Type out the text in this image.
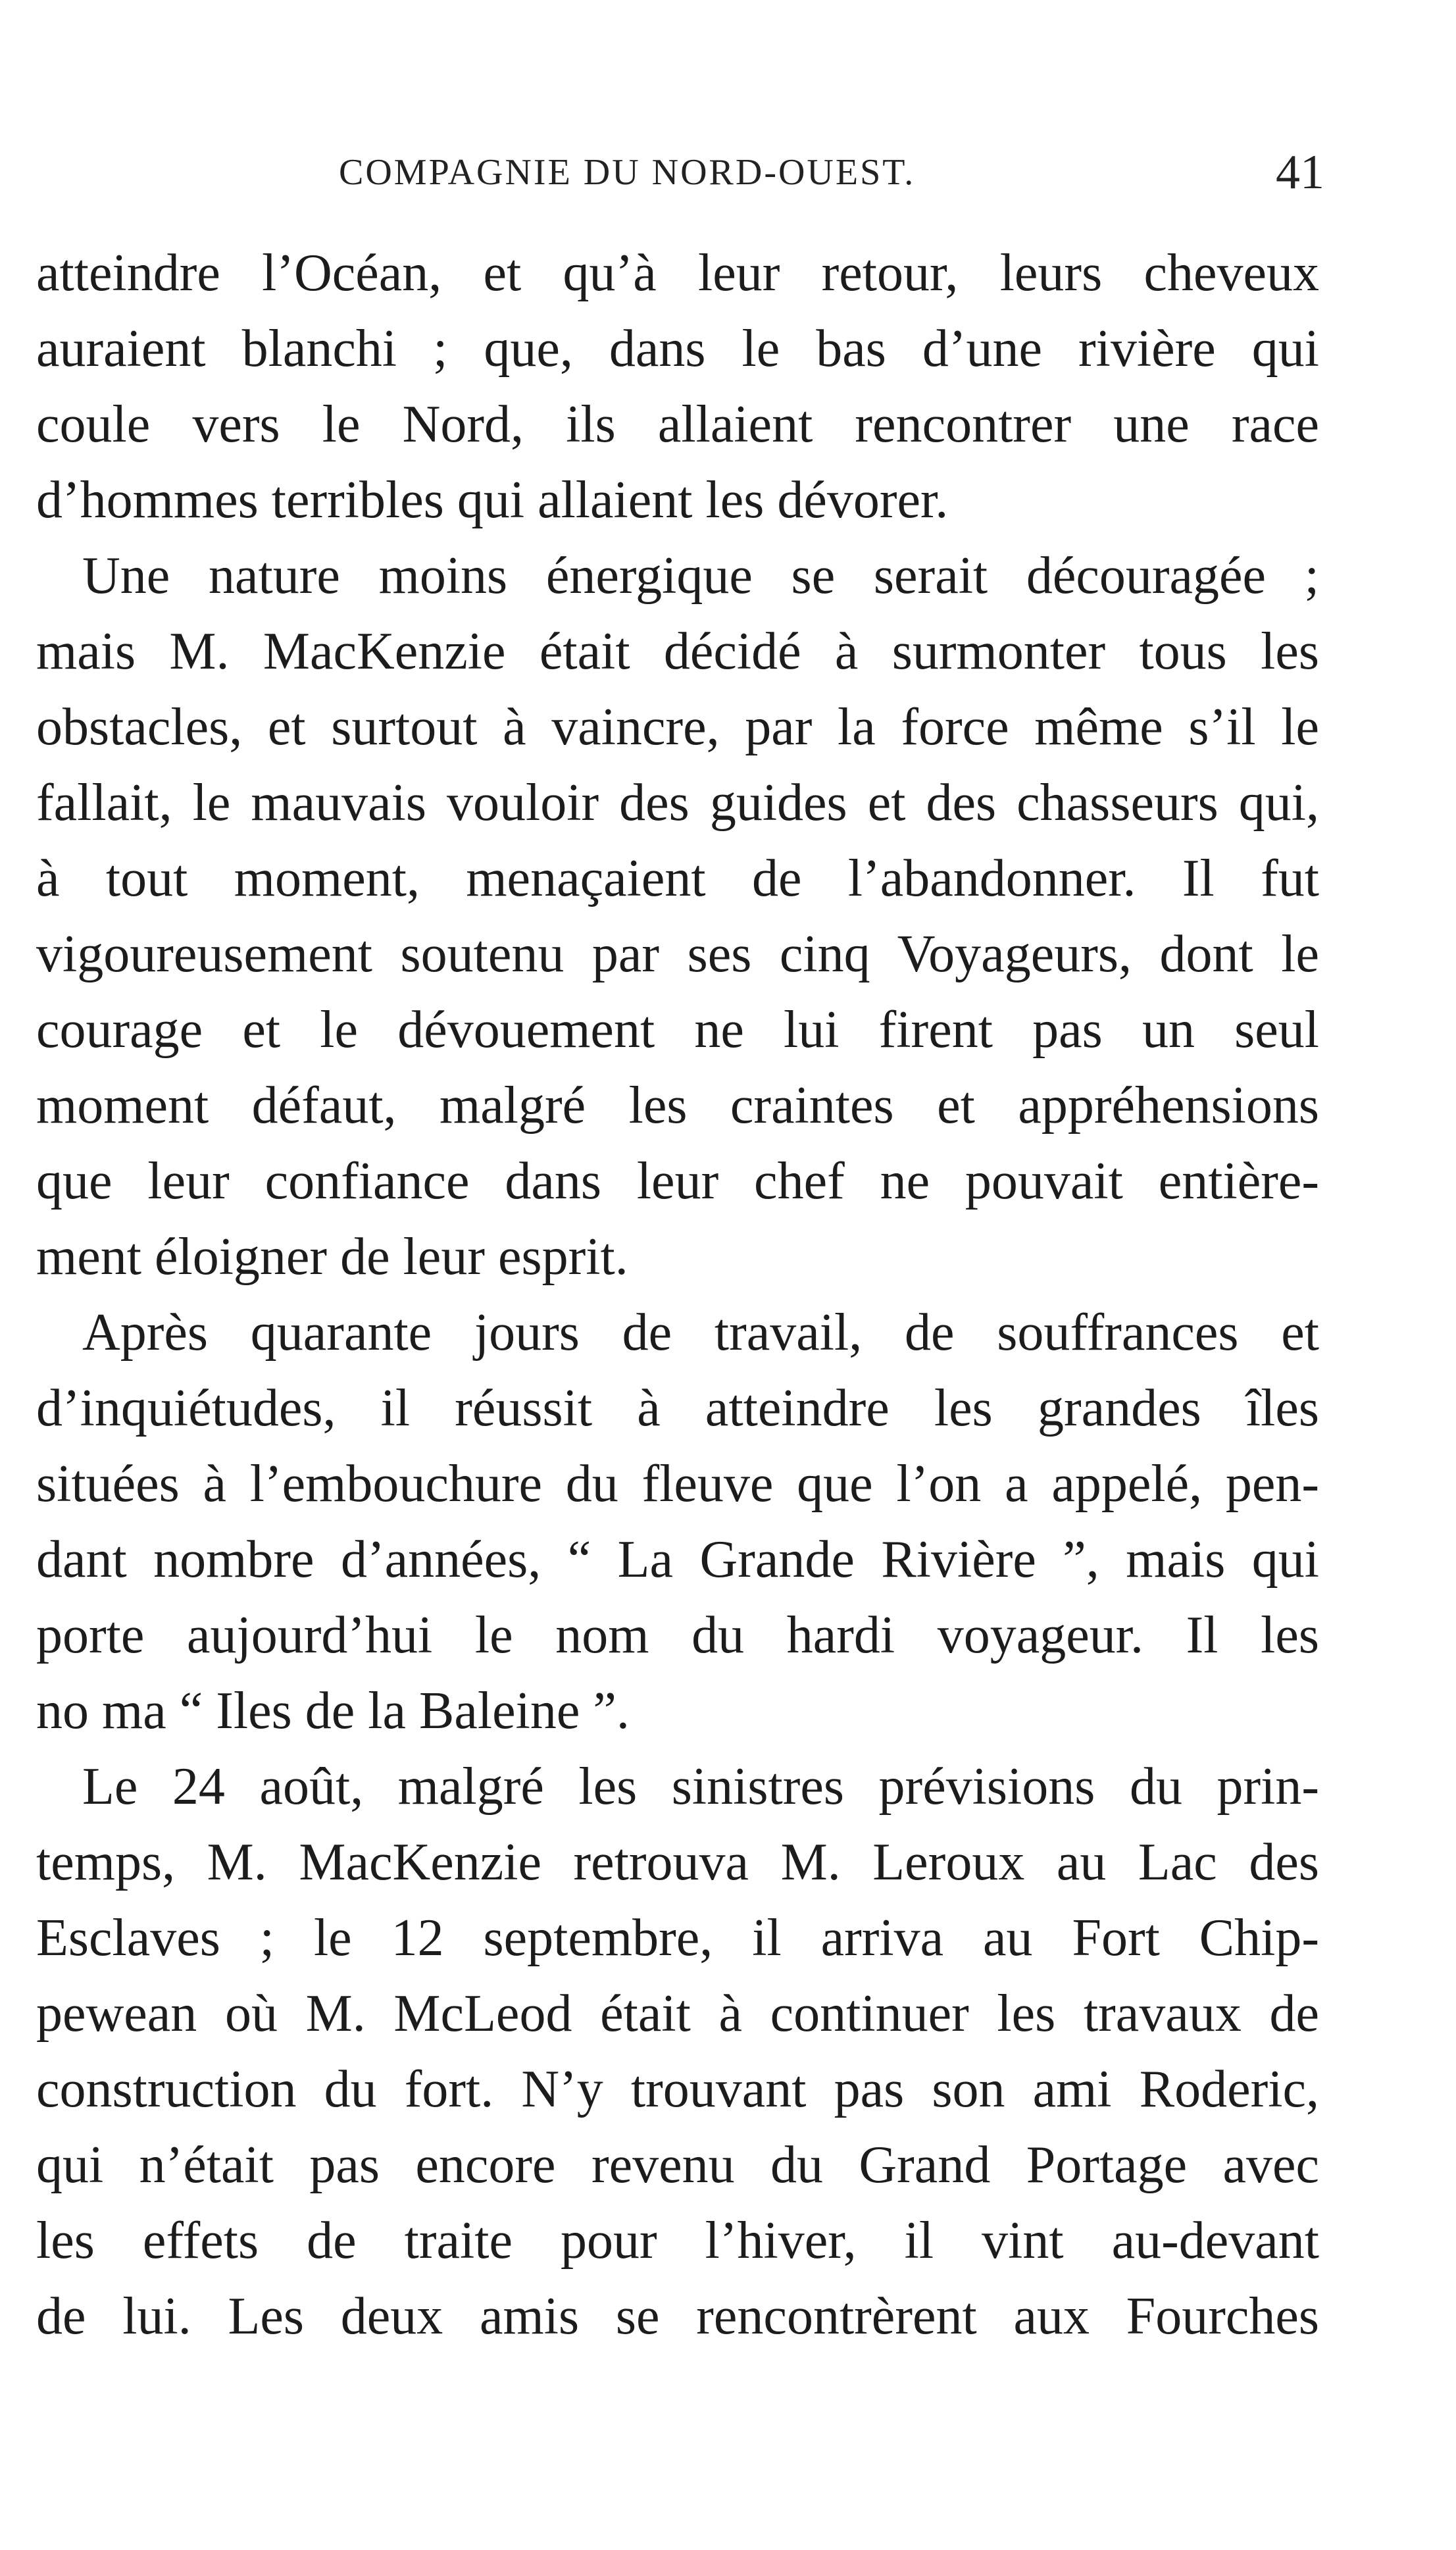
COMPAGNIE DU NORD-OUEST.	41
atteindre l’Océan, et qu’à leur retour, leurs cheveux
auraient blanchi ; que, dans le bas d’une rivière qui
coule vers le Nord, ils allaient rencontrer une race
d’hommes terribles qui allaient les dévorer.
Une nature moins énergique se serait découragée ;
mais M. MacKenzie était décidé à surmonter tous les
obstacles, et surtout à vaincre, par la force même s’il le
fallait, le mauvais vouloir des guides et des chasseurs qui,
à tout moment, menaçaient de l’abandonner. Il fut
vigoureusement soutenu par ses cinq Voyageurs, dont le
courage et le dévouement ne lui firent pas un seul
moment défaut, malgré les craintes et appréhensions
que leur confiance dans leur chef ne pouvait entière-
ment éloigner de leur esprit.
Après quarante jours de travail, de souffrances et
d’inquiétudes, il réussit à atteindre les grandes îles
situées à l’embouchure du fleuve que l’on a appelé, pen-
dant nombre d’années, “ La Grande Rivière ”, mais qui
porte aujourd’hui le nom du hardi voyageur. Il les
no ma “ Iles de la Baleine ”.
Le 24 août, malgré les sinistres prévisions du prin-
temps, M. MacKenzie retrouva M. Leroux au Lac des
Esclaves ; le 12 septembre, il arriva au Fort Chip-
pewean où M. McLeod était à continuer les travaux de
construction du fort. N’y trouvant pas son ami Roderic,
qui n’était pas encore revenu du Grand Portage avec
les effets de traite pour l’hiver, il vint au-devant
de lui. Les deux amis se rencontrèrent aux Fourches
